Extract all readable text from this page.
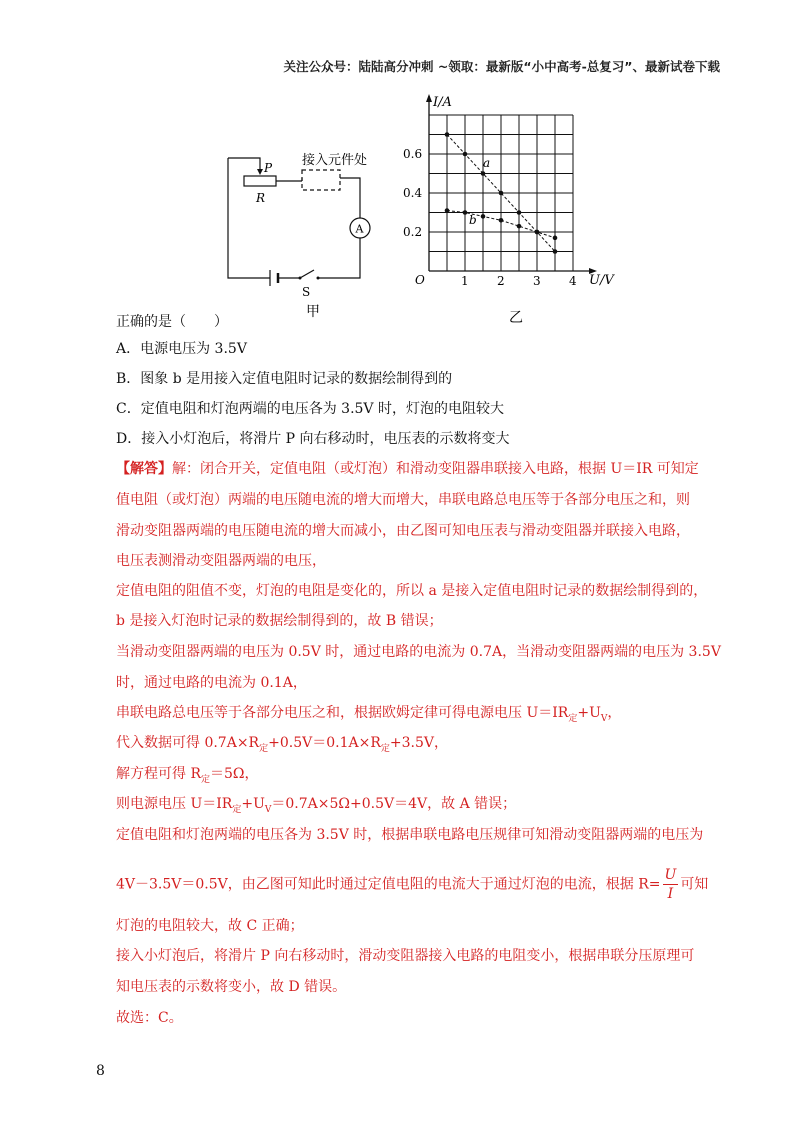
关注公众号：陆陆高分冲刺 ~领取：最新版“小中高考-总复习”、最新试卷下载
接入元件处
P
R
A
S
甲
0.2
0.4
0.6
1 2 3 4
I/A
U/V
O
a
b
乙
正确的是（　　）
A．电源电压为 3.5V
B．图象 b 是用接入定值电阻时记录的数据绘制得到的
C．定值电阻和灯泡两端的电压各为 3.5V 时，灯泡的电阻较大
D．接入小灯泡后，将滑片 P 向右移动时，电压表的示数将变大
【解答】解：闭合开关，定值电阻（或灯泡）和滑动变阻器串联接入电路，根据 U＝IR 可知定
值电阻（或灯泡）两端的电压随电流的增大而增大，串联电路总电压等于各部分电压之和，则
滑动变阻器两端的电压随电流的增大而减小，由乙图可知电压表与滑动变阻器并联接入电路，
电压表测滑动变阻器两端的电压，
定值电阻的阻值不变，灯泡的电阻是变化的，所以 a 是接入定值电阻时记录的数据绘制得到的，
b 是接入灯泡时记录的数据绘制得到的，故 B 错误；
当滑动变阻器两端的电压为 0.5V 时，通过电路的电流为 0.7A，当滑动变阻器两端的电压为 3.5V
时，通过电路的电流为 0.1A，
串联电路总电压等于各部分电压之和，根据欧姆定律可得电源电压 $U=IR_定+U_V$，
代入数据可得 $0.7A\times R_定+0.5V=0.1A\times R_定+3.5V$，
解方程可得 $R_定=5\Omega$，
则电源电压 $U=IR_定+U_V=0.7A\times 5\Omega+0.5V=4V$，故 A 错误；
定值电阻和灯泡两端的电压各为 3.5V 时，根据串联电路电压规律可知滑动变阻器两端的电压为
4V－3.5V＝0.5V，由乙图可知此时通过定值电阻的电流大于通过灯泡的电流，根据 $R= \frac{U}{I}$ 可知
灯泡的电阻较大，故 C 正确；
接入小灯泡后，将滑片 P 向右移动时，滑动变阻器接入电路的电阻变小，根据串联分压原理可
知电压表的示数将变小，故 D 错误。
故选：C。
8
